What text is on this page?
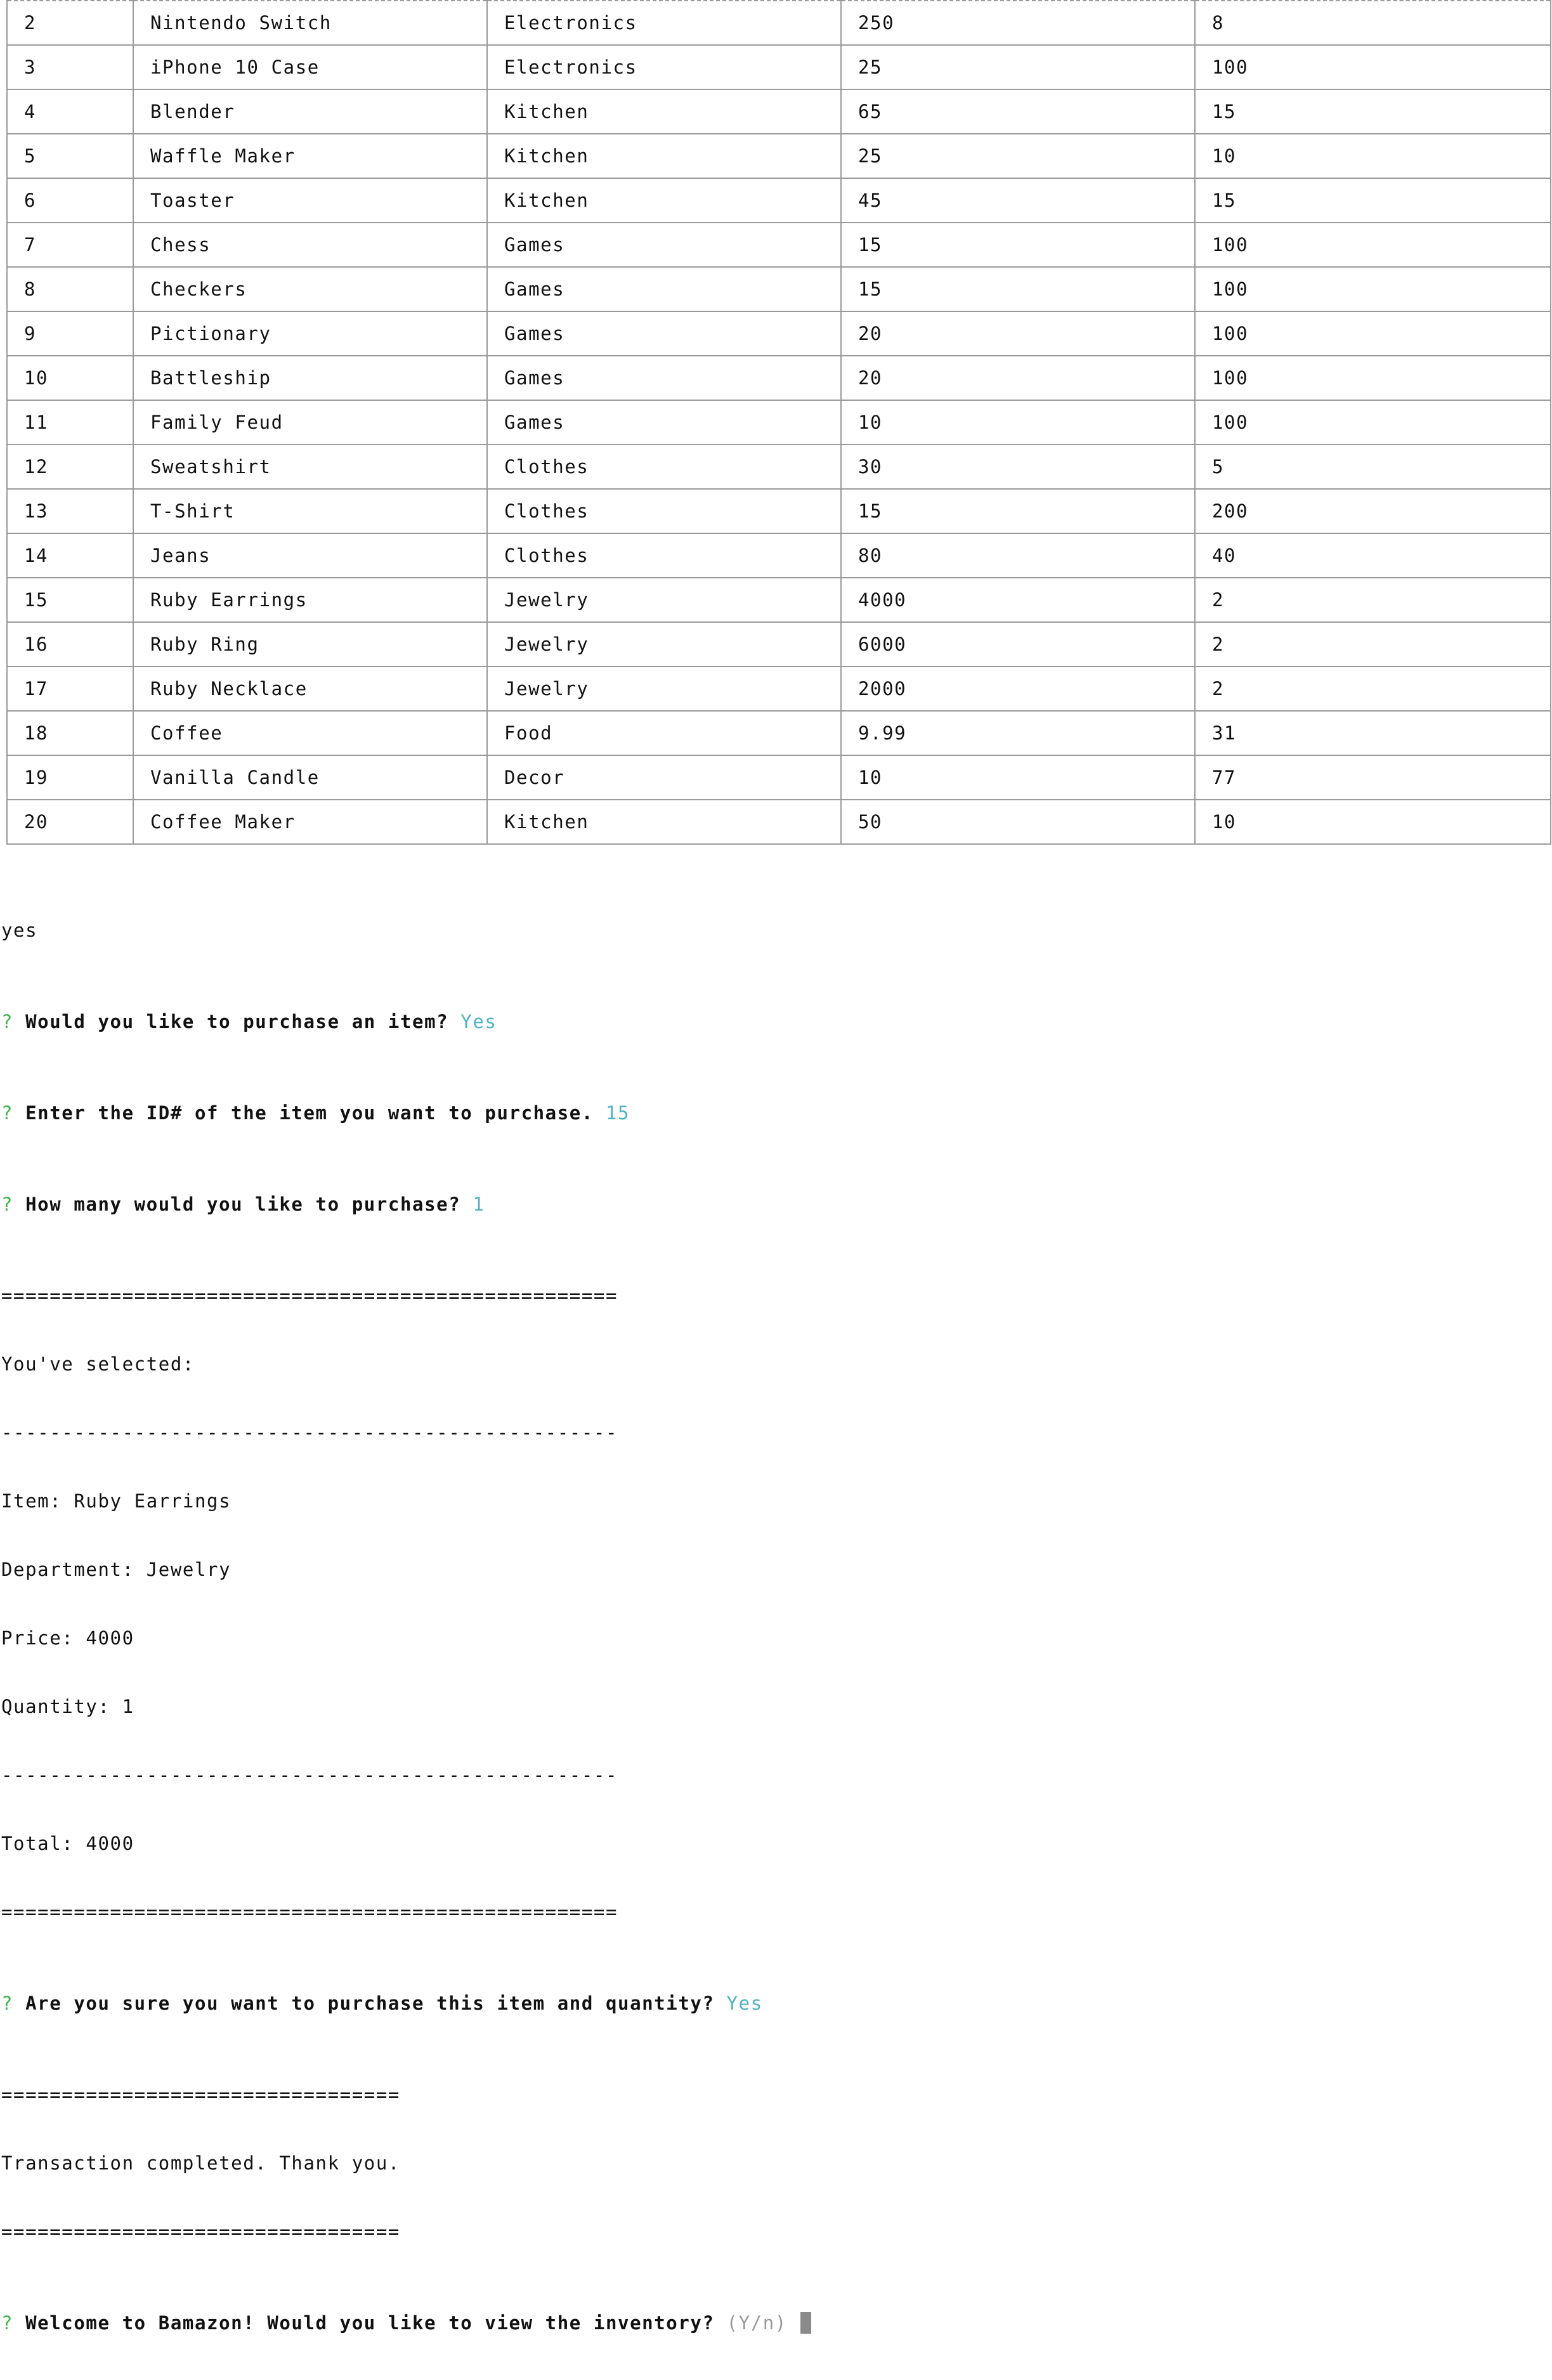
2	Nintendo Switch	Electronics	250	8
3	iPhone 10 Case	Electronics	25	100
4	Blender	Kitchen	65	15
5	Waffle Maker	Kitchen	25	10
6	Toaster	Kitchen	45	15
7	Chess	Games	15	100
8	Checkers	Games	15	100
9	Pictionary	Games	20	100
10	Battleship	Games	20	100
11	Family Feud	Games	10	100
12	Sweatshirt	Clothes	30	5
13	T-Shirt	Clothes	15	200
14	Jeans	Clothes	80	40
15	Ruby Earrings	Jewelry	4000	2
16	Ruby Ring	Jewelry	6000	2
17	Ruby Necklace	Jewelry	2000	2
18	Coffee	Food	9.99	31
19	Vanilla Candle	Decor	10	77
20	Coffee Maker	Kitchen	50	10

yes

? Would you like to purchase an item? Yes

? Enter the ID# of the item you want to purchase. 15

? How many would you like to purchase? 1

===================================================

You've selected:

---------------------------------------------------

Item: Ruby Earrings

Department: Jewelry

Price: 4000

Quantity: 1

---------------------------------------------------

Total: 4000

===================================================

? Are you sure you want to purchase this item and quantity? Yes

=================================

Transaction completed. Thank you.

=================================

? Welcome to Bamazon! Would you like to view the inventory? (Y/n)
